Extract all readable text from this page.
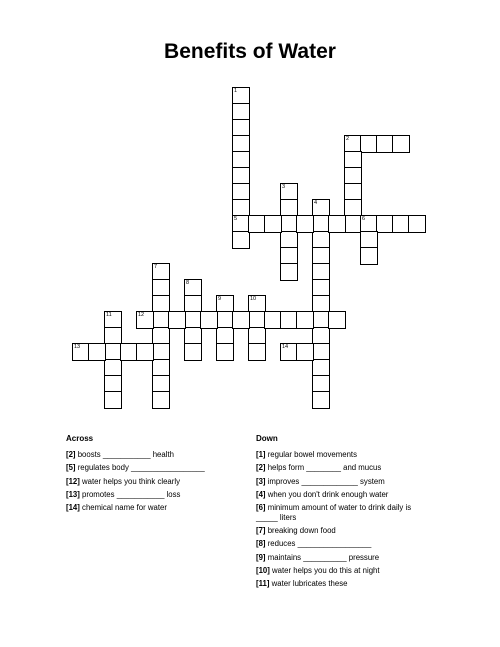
Benefits of Water
1
5
2
3
4
6
7
8
9	10
11	12
13	14
Across
[2] boosts ___________ health
[5] regulates body _________________
[12] water helps you think clearly
[13] promotes ___________ loss
[14] chemical name for water
Down
[1] regular bowel movements
[2] helps form ________ and mucus
[3] improves _____________ system
[4] when you don't drink enough water
[6] minimum amount of water to drink daily is _____ liters
[7] breaking down food
[8] reduces _________________
[9] maintains __________ pressure
[10] water helps you do this at night
[11] water lubricates these
